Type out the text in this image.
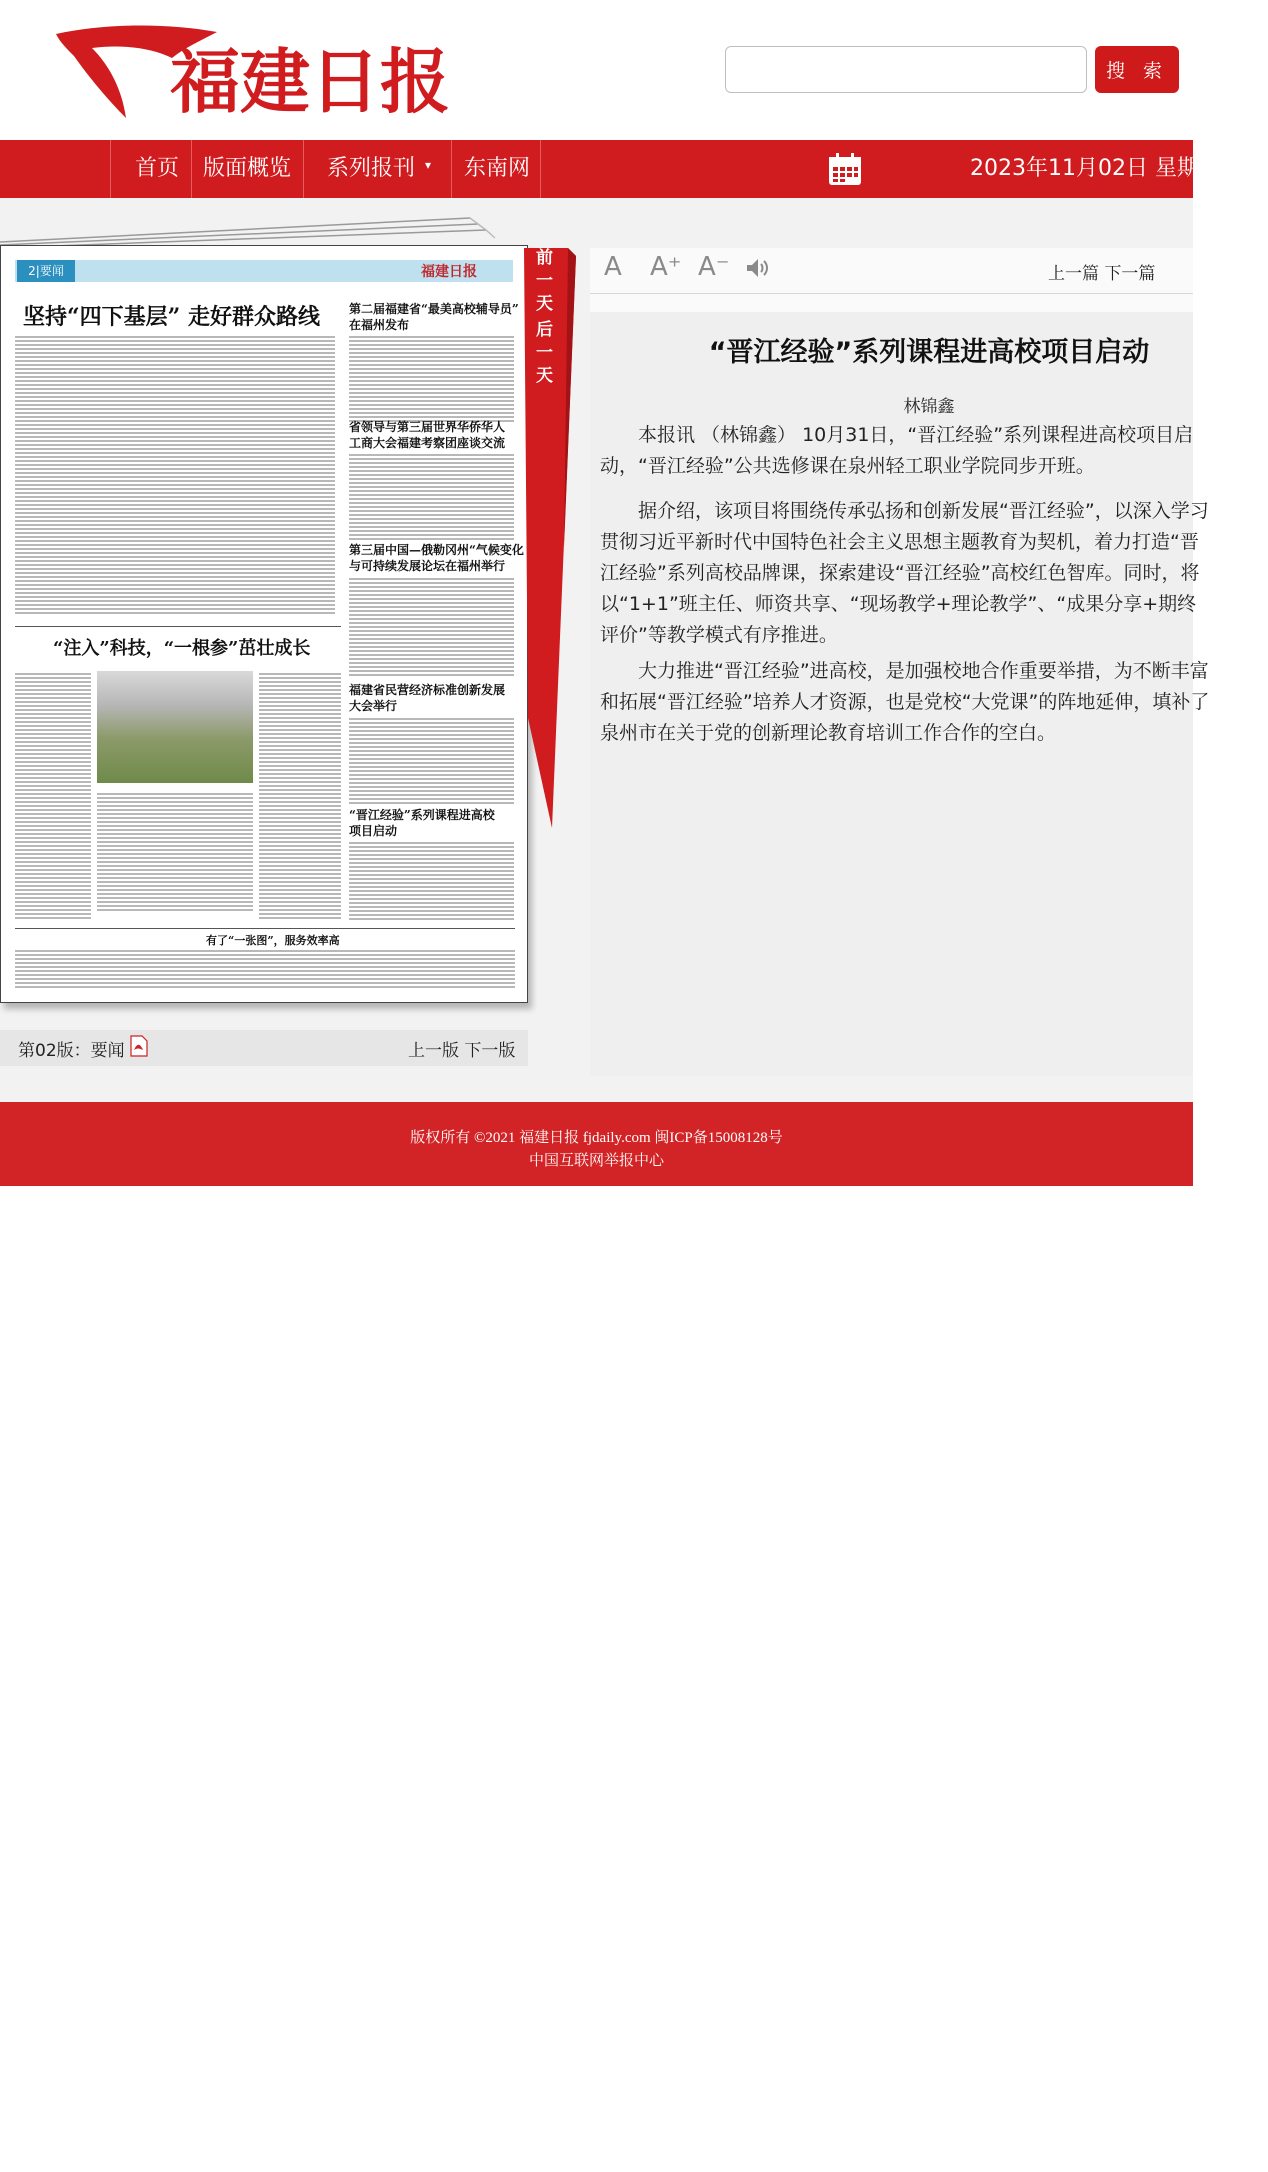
福建日报	搜 索
首页 版面概览 系列报刊 ▾ 东南网	2023年11月02日 星期四
2|要闻	福建日报
坚持“四下基层” 走好群众路线 第二届福建省“最美高校辅导员”
在福州发布
省领导与第三届世界华侨华人
工商大会福建考察团座谈交流
第三届中国—俄勒冈州“气候变化
与可持续发展论坛在福州举行
福建省民营经济标准创新发展
大会举行
“晋江经验”系列课程进高校
项目启动
“注入”科技，“一根参”茁壮成长
有了“一张图”，服务效率高
前一天
后一天
第02版：要闻	上一版 下一版
A A⁺ A⁻	上一篇 下一篇
“晋江经验”系列课程进高校项目启动
林锦鑫

本报讯 （林锦鑫） 10月31日，“晋江经验”系列课程进高校项目启动，“晋江经验”公共选修课在泉州轻工职业学院同步开班。

据介绍，该项目将围绕传承弘扬和创新发展“晋江经验”，以深入学习贯彻习近平新时代中国特色社会主义思想主题教育为契机，着力打造“晋江经验”系列高校品牌课，探索建设“晋江经验”高校红色智库。同时，将以“1+1”班主任、师资共享、“现场教学+理论教学”、“成果分享+期终评价”等教学模式有序推进。

大力推进“晋江经验”进高校，是加强校地合作重要举措，为不断丰富和拓展“晋江经验”培养人才资源，也是党校“大党课”的阵地延伸，填补了泉州市在关于党的创新理论教育培训工作合作的空白。

版权所有 ©2021 福建日报 fjdaily.com 闽ICP备15008128号
中国互联网举报中心
